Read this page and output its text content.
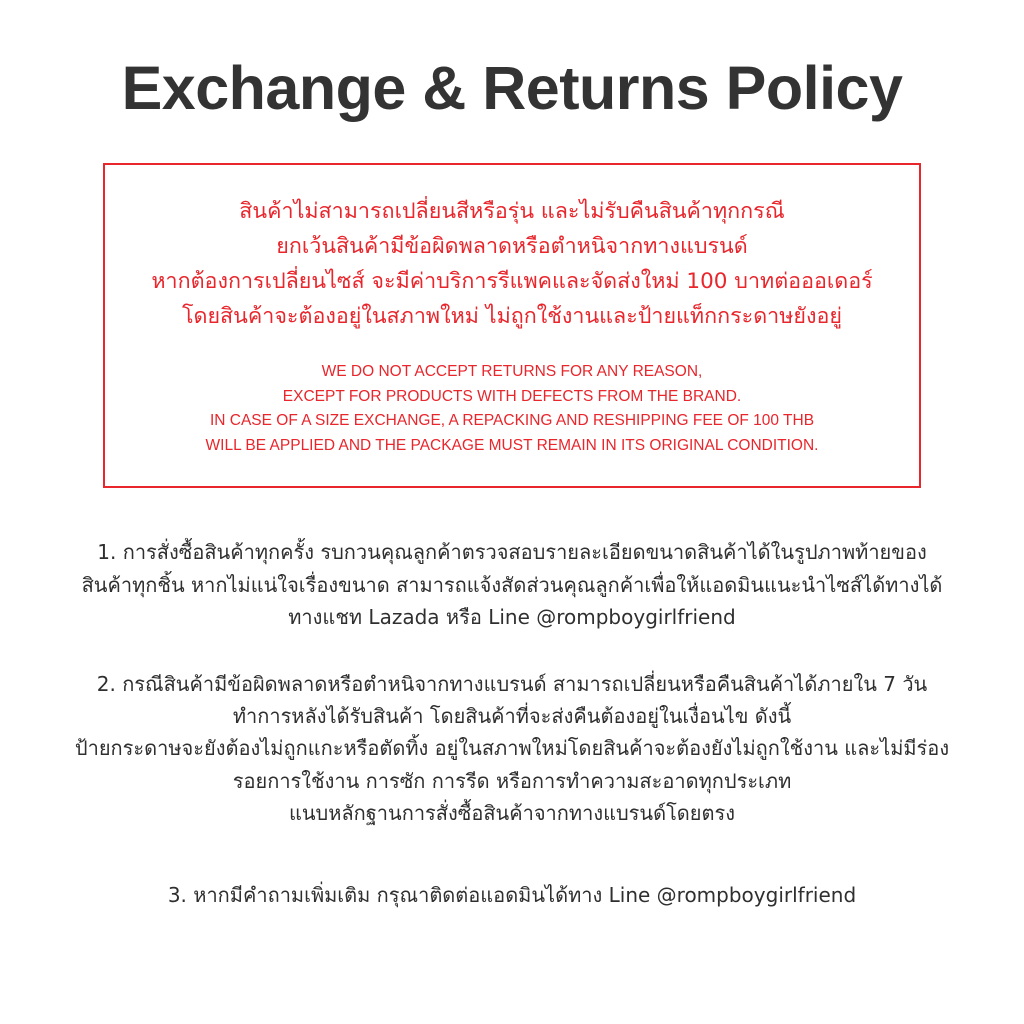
Exchange & Returns Policy
สินค้าไม่สามารถเปลี่ยนสีหรือรุ่น และไม่รับคืนสินค้าทุกกรณี
ยกเว้นสินค้ามีข้อผิดพลาดหรือตำหนิจากทางแบรนด์
หากต้องการเปลี่ยนไซส์ จะมีค่าบริการรีแพคและจัดส่งใหม่ 100 บาทต่อออเดอร์
โดยสินค้าจะต้องอยู่ในสภาพใหม่ ไม่ถูกใช้งานและป้ายแท็กกระดาษยังอยู่
WE DO NOT ACCEPT RETURNS FOR ANY REASON,
EXCEPT FOR PRODUCTS WITH DEFECTS FROM THE BRAND.
IN CASE OF A SIZE EXCHANGE, A REPACKING AND RESHIPPING FEE OF 100 THB
WILL BE APPLIED AND THE PACKAGE MUST REMAIN IN ITS ORIGINAL CONDITION.
1. การสั่งซื้อสินค้าทุกครั้ง รบกวนคุณลูกค้าตรวจสอบรายละเอียดขนาดสินค้าได้ในรูปภาพท้ายของ
สินค้าทุกชิ้น หากไม่แน่ใจเรื่องขนาด สามารถแจ้งสัดส่วนคุณลูกค้าเพื่อให้แอดมินแนะนำไซส์ได้ทางได้
ทางแชท Lazada หรือ Line @rompboygirlfriend
2. กรณีสินค้ามีข้อผิดพลาดหรือตำหนิจากทางแบรนด์ สามารถเปลี่ยนหรือคืนสินค้าได้ภายใน 7 วัน
ทำการหลังได้รับสินค้า โดยสินค้าที่จะส่งคืนต้องอยู่ในเงื่อนไข ดังนี้
ป้ายกระดาษจะยังต้องไม่ถูกแกะหรือตัดทิ้ง อยู่ในสภาพใหม่โดยสินค้าจะต้องยังไม่ถูกใช้งาน และไม่มีร่อง
รอยการใช้งาน การซัก การรีด หรือการทำความสะอาดทุกประเภท
แนบหลักฐานการสั่งซื้อสินค้าจากทางแบรนด์โดยตรง
3. หากมีคำถามเพิ่มเติม กรุณาติดต่อแอดมินได้ทาง Line @rompboygirlfriend
